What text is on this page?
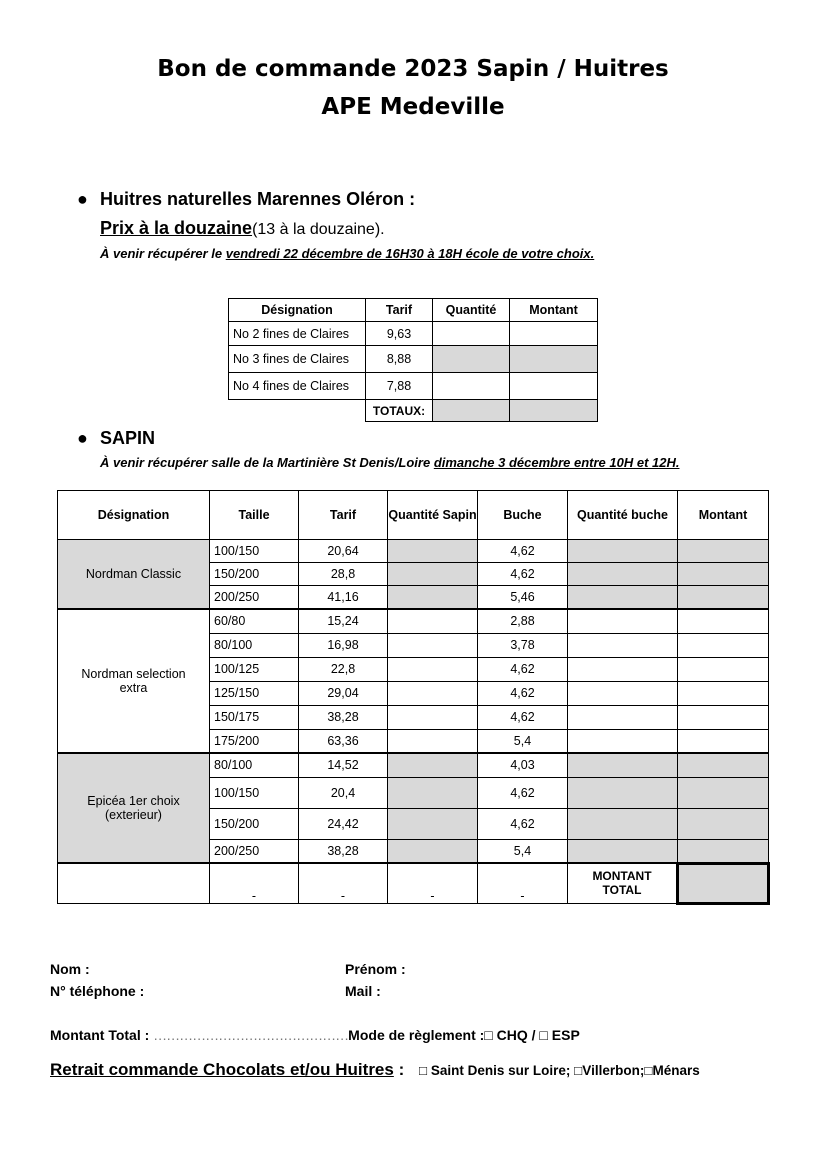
Bon de commande 2023 Sapin / Huitres
APE Medeville
● Huitres naturelles Marennes Oléron :
Prix à la douzaine(13 à la douzaine).
À venir récupérer le vendredi 22 décembre de 16H30 à 18H école de votre choix.
Désignation	Tarif	Quantité	Montant
No 2 fines de Claires	9,63		
No 3 fines de Claires	8,88		
No 4 fines de Claires	7,88		
	TOTAUX:		
● SAPIN
À venir récupérer salle de la Martinière St Denis/Loire dimanche 3 décembre entre 10H et 12H.
Désignation	Taille	Tarif	Quantité Sapin	Buche	Quantité buche	Montant
Nordman Classic	100/150	20,64		4,62		
	150/200	28,8		4,62		
	200/250	41,16		5,46		
Nordman selection extra	60/80	15,24		2,88		
	80/100	16,98		3,78		
	100/125	22,8		4,62		
	125/150	29,04		4,62		
	150/175	38,28		4,62		
	175/200	63,36		5,4		
Epicéa 1er choix (exterieur)	80/100	14,52		4,03		
	100/150	20,4		4,62		
	150/200	24,42		4,62		
	200/250	38,28		5,4		
	-	-	-	-	MONTANT TOTAL	
Nom :	Prénom :
N° téléphone :	Mail :
Montant Total : ………………………………………Mode de règlement :□ CHQ / □ ESP
Retrait commande Chocolats et/ou Huitres : □ Saint Denis sur Loire; □Villerbon;□Ménars
